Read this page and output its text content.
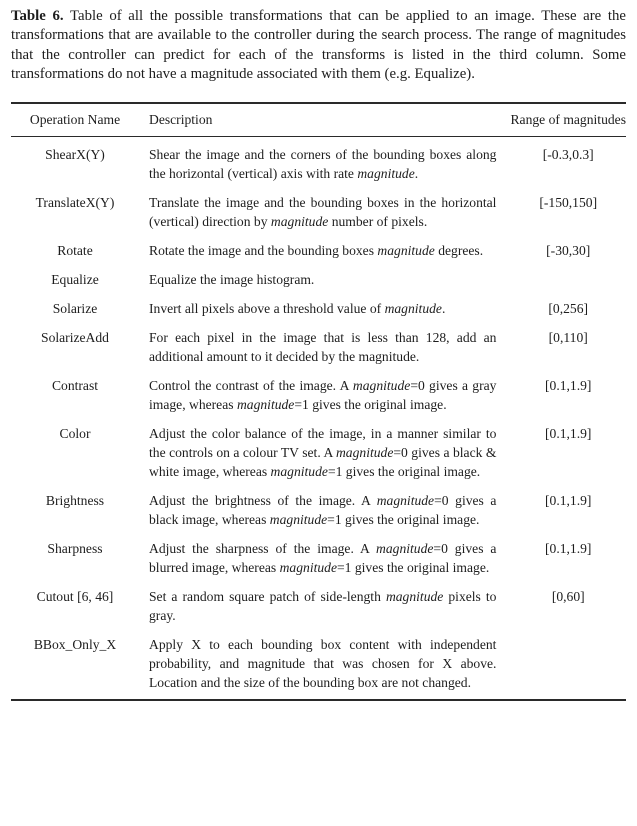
Table 6. Table of all the possible transformations that can be applied to an image. These are the transformations that are available to the controller during the search process. The range of magnitudes that the controller can predict for each of the transforms is listed in the third column. Some transformations do not have a magnitude associated with them (e.g. Equalize).

Operation Name	Description	Range of magnitudes
ShearX(Y)	Shear the image and the corners of the bounding boxes along the horizontal (vertical) axis with rate magnitude.	[-0.3,0.3]
TranslateX(Y)	Translate the image and the bounding boxes in the horizontal (vertical) direction by magnitude number of pixels.	[-150,150]
Rotate	Rotate the image and the bounding boxes magnitude degrees.	[-30,30]
Equalize	Equalize the image histogram.	
Solarize	Invert all pixels above a threshold value of magnitude.	[0,256]
SolarizeAdd	For each pixel in the image that is less than 128, add an additional amount to it decided by the magnitude.	[0,110]
Contrast	Control the contrast of the image. A magnitude=0 gives a gray image, whereas magnitude=1 gives the original image.	[0.1,1.9]
Color	Adjust the color balance of the image, in a manner similar to the controls on a colour TV set. A magnitude=0 gives a black & white image, whereas magnitude=1 gives the original image.	[0.1,1.9]
Brightness	Adjust the brightness of the image. A magnitude=0 gives a black image, whereas magnitude=1 gives the original image.	[0.1,1.9]
Sharpness	Adjust the sharpness of the image. A magnitude=0 gives a blurred image, whereas magnitude=1 gives the original image.	[0.1,1.9]
Cutout [6, 46]	Set a random square patch of side-length magnitude pixels to gray.	[0,60]
BBox_Only_X	Apply X to each bounding box content with independent probability, and magnitude that was chosen for X above. Location and the size of the bounding box are not changed.	
